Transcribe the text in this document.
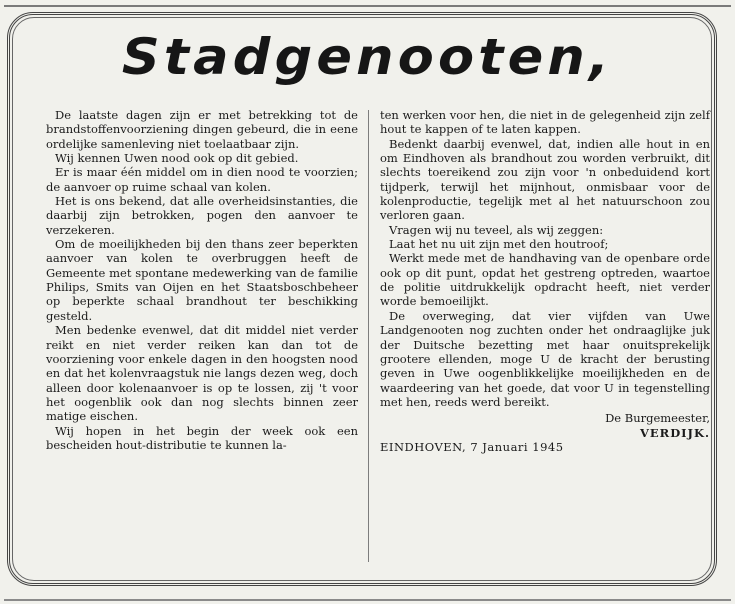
Stadgenooten,

De laatste dagen zijn er met betrekking tot de brandstoffenvoorziening dingen gebeurd, die in eene ordelijke samenleving niet toelaatbaar zijn.

Wij kennen Uwen nood ook op dit gebied.

Er is maar één middel om in dien nood te voorzien; de aanvoer op ruime schaal van kolen.

Het is ons bekend, dat alle overheidsinstanties, die daarbij zijn betrokken, pogen den aanvoer te verzekeren.

Om de moeilijkheden bij den thans zeer beperkten aanvoer van kolen te overbruggen heeft de Gemeente met spontane medewerking van de familie Philips, Smits van Oijen en het Staatsboschbeheer op beperkte schaal brandhout ter beschikking gesteld.

Men bedenke evenwel, dat dit middel niet verder reikt en niet verder reiken kan dan tot de voorziening voor enkele dagen in den hoogsten nood en dat het kolenvraagstuk nie langs dezen weg, doch alleen door kolenaanvoer is op te lossen, zij 't voor het oogenblik ook dan nog slechts binnen zeer matige eischen.

Wij hopen in het begin der week ook een bescheiden hout-distributie te kunnen la-

ten werken voor hen, die niet in de gelegenheid zijn zelf hout te kappen of te laten kappen.

Bedenkt daarbij evenwel, dat, indien alle hout in en om Eindhoven als brandhout zou worden verbruikt, dit slechts toereikend zou zijn voor 'n onbeduidend kort tijdperk, terwijl het mijnhout, onmisbaar voor de kolenproductie, tegelijk met al het natuurschoon zou verloren gaan.

Vragen wij nu teveel, als wij zeggen:

Laat het nu uit zijn met den houtroof;

Werkt mede met de handhaving van de openbare orde ook op dit punt, opdat het gestreng optreden, waartoe de politie uitdrukkelijk opdracht heeft, niet verder worde bemoeilijkt.

De overweging, dat vier vijfden van Uwe Landgenooten nog zuchten onder het ondraaglijke juk der Duitsche bezetting met haar onuitsprekelijk grootere ellenden, moge U de kracht der berusting geven in Uwe oogenblikkelijke moeilijkheden en de waardeering van het goede, dat voor U in tegenstelling met hen, reeds werd bereikt.

De Burgemeester,
VERDIJK.
EINDHOVEN, 7 Januari 1945
